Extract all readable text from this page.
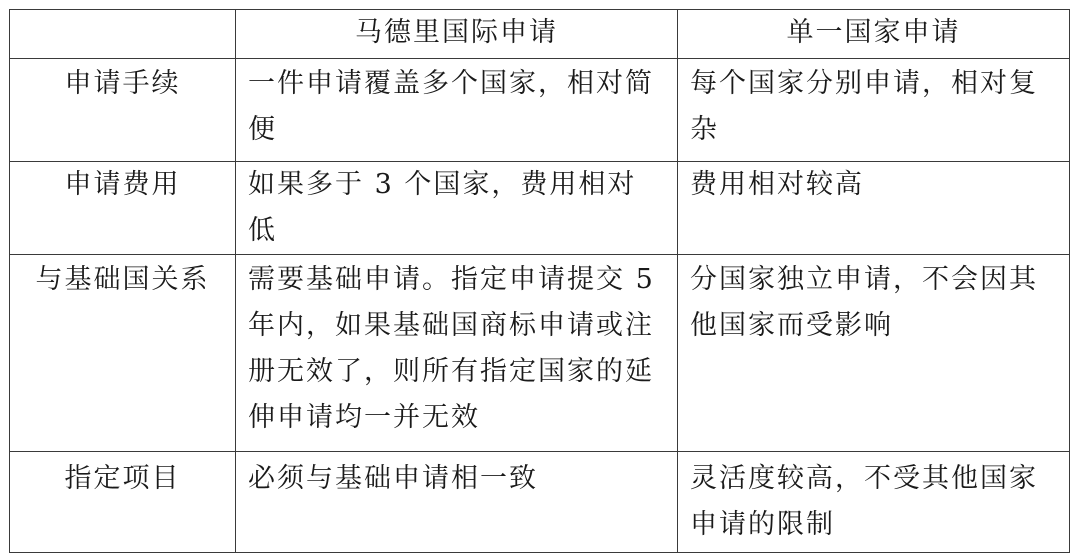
	马德里国际申请	单一国家申请
申请手续	一件申请覆盖多个国家，相对简便	每个国家分别申请，相对复杂
申请费用	如果多于 3 个国家，费用相对低	费用相对较高
与基础国关系	需要基础申请。指定申请提交 5 年内，如果基础国商标申请或注册无效了，则所有指定国家的延伸申请均一并无效	分国家独立申请，不会因其他国家而受影响
指定项目	必须与基础申请相一致	灵活度较高，不受其他国家申请的限制
